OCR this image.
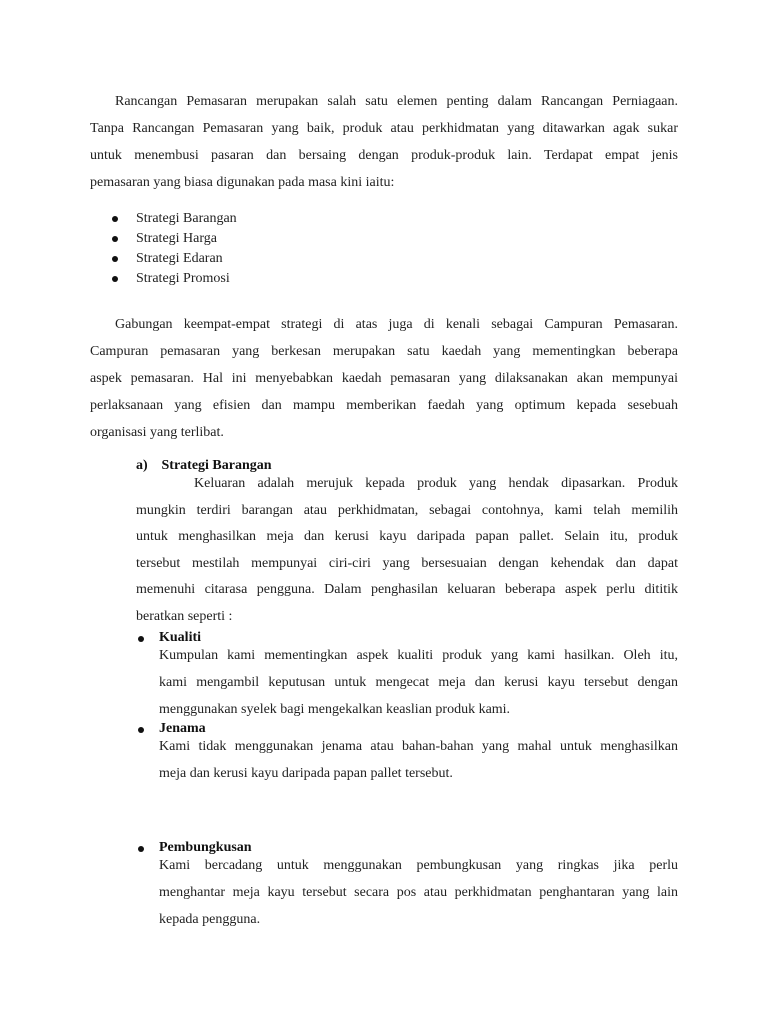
Rancangan Pemasaran merupakan salah satu elemen penting dalam Rancangan Perniagaan.
Tanpa Rancangan Pemasaran yang baik, produk atau perkhidmatan yang ditawarkan agak sukar
untuk menembusi pasaran dan bersaing dengan produk-produk lain. Terdapat empat jenis
pemasaran yang biasa digunakan pada masa kini iaitu:
Strategi Barangan
Strategi Harga
Strategi Edaran
Strategi Promosi
Gabungan keempat-empat strategi di atas juga di kenali sebagai Campuran Pemasaran.
Campuran pemasaran yang berkesan merupakan satu kaedah yang mementingkan beberapa
aspek pemasaran. Hal ini menyebabkan kaedah pemasaran yang dilaksanakan akan mempunyai
perlaksanaan yang efisien dan mampu memberikan faedah yang optimum kepada sesebuah
organisasi yang terlibat.
a) Strategi Barangan
Keluaran adalah merujuk kepada produk yang hendak dipasarkan. Produk
mungkin terdiri barangan atau perkhidmatan, sebagai contohnya, kami telah memilih
untuk menghasilkan meja dan kerusi kayu daripada papan pallet. Selain itu, produk
tersebut mestilah mempunyai ciri-ciri yang bersesuaian dengan kehendak dan dapat
memenuhi citarasa pengguna. Dalam penghasilan keluaran beberapa aspek perlu dititik
beratkan seperti :
Kualiti
Kumpulan kami mementingkan aspek kualiti produk yang kami hasilkan. Oleh itu,
kami mengambil keputusan untuk mengecat meja dan kerusi kayu tersebut dengan
menggunakan syelek bagi mengekalkan keaslian produk kami.
Jenama
Kami tidak menggunakan jenama atau bahan-bahan yang mahal untuk menghasilkan
meja dan kerusi kayu daripada papan pallet tersebut.
Pembungkusan
Kami bercadang untuk menggunakan pembungkusan yang ringkas jika perlu
menghantar meja kayu tersebut secara pos atau perkhidmatan penghantaran yang lain
kepada pengguna.
